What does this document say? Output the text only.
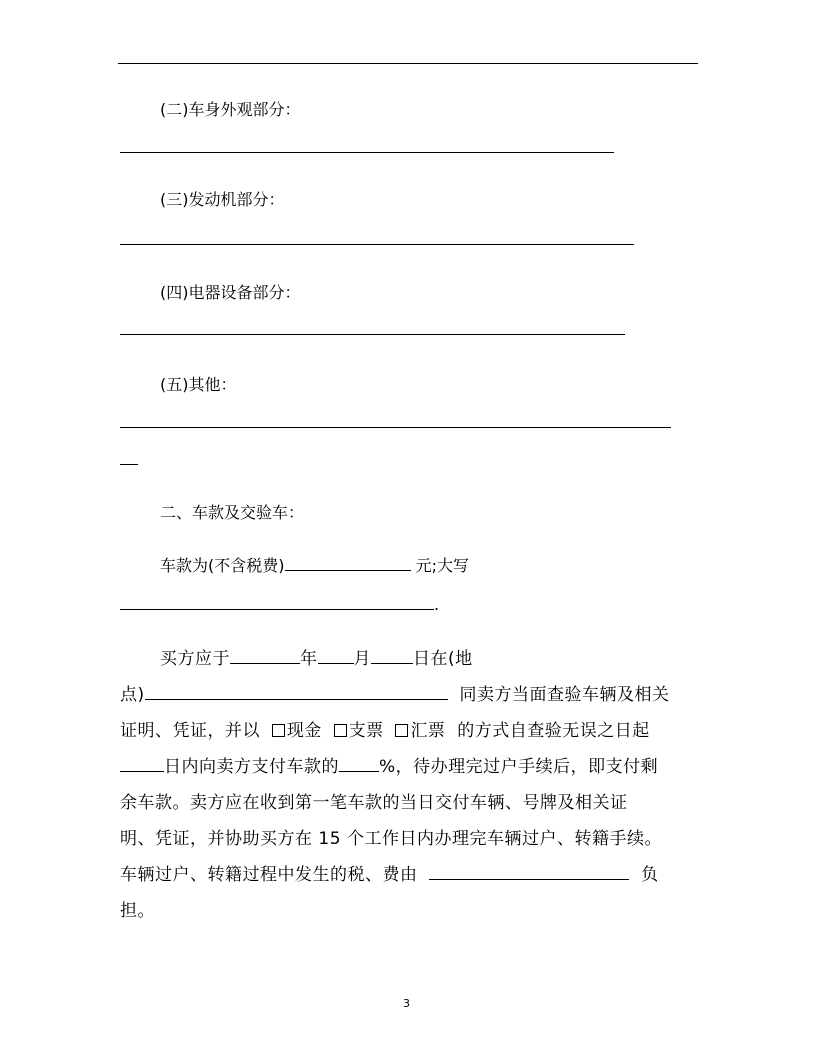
(二)车身外观部分：
(三)发动机部分：
(四)电器设备部分：
(五)其他：
二、车款及交验车：
车款为(不含税费)	元;大写
.
买方应于	年 月 日在(地
点)	同卖方当面查验车辆及相关
证明、凭证，并以 现金 支票 汇票 的方式自查验无误之日起
日内向卖方支付车款的 %，待办理完过户手续后，即支付剩
余车款。卖方应在收到第一笔车款的当日交付车辆、号牌及相关证
明、凭证，并协助买方在 15 个工作日内办理完车辆过户、转籍手续。
车辆过户、转籍过程中发生的税、费由	负
担。
3
